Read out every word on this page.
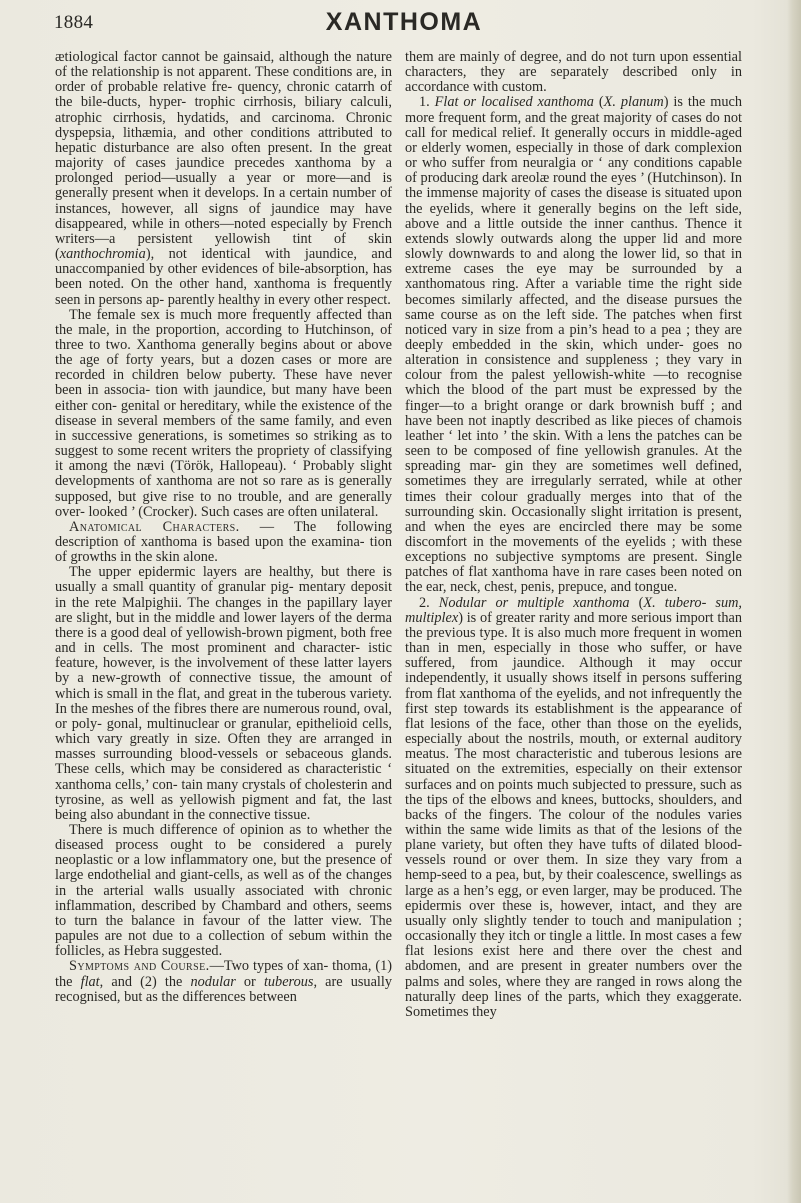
1884	XANTHOMA

ætiological factor cannot be gainsaid, although the nature of the relationship is not apparent. These conditions are, in order of probable relative fre- quency, chronic catarrh of the bile-ducts, hyper- trophic cirrhosis, biliary calculi, atrophic cirrhosis, hydatids, and carcinoma. Chronic dyspepsia, lithæmia, and other conditions attributed to hepatic disturbance are also often present. In the great majority of cases jaundice precedes xanthoma by a prolonged period—usually a year or more—and is generally present when it develops. In a certain number of instances, however, all signs of jaundice may have disappeared, while in others—noted especially by French writers—a persistent yellowish tint of skin (xanthochromia), not identical with jaundice, and unaccompanied by other evidences of bile-absorption, has been noted. On the other hand, xanthoma is frequently seen in persons ap- parently healthy in every other respect.

The female sex is much more frequently affected than the male, in the proportion, according to Hutchinson, of three to two. Xanthoma generally begins about or above the age of forty years, but a dozen cases or more are recorded in children below puberty. These have never been in associa- tion with jaundice, but many have been either con- genital or hereditary, while the existence of the disease in several members of the same family, and even in successive generations, is sometimes so striking as to suggest to some recent writers the propriety of classifying it among the nævi (Török, Hallopeau). ‘ Probably slight developments of xanthoma are not so rare as is generally supposed, but give rise to no trouble, and are generally over- looked ’ (Crocker). Such cases are often unilateral.

Anatomical Characters. — The following description of xanthoma is based upon the examina- tion of growths in the skin alone.

The upper epidermic layers are healthy, but there is usually a small quantity of granular pig- mentary deposit in the rete Malpighii. The changes in the papillary layer are slight, but in the middle and lower layers of the derma there is a good deal of yellowish-brown pigment, both free and in cells. The most prominent and character- istic feature, however, is the involvement of these latter layers by a new-growth of connective tissue, the amount of which is small in the flat, and great in the tuberous variety. In the meshes of the fibres there are numerous round, oval, or poly- gonal, multinuclear or granular, epithelioid cells, which vary greatly in size. Often they are arranged in masses surrounding blood-vessels or sebaceous glands. These cells, which may be considered as characteristic ‘ xanthoma cells,’ con- tain many crystals of cholesterin and tyrosine, as well as yellowish pigment and fat, the last being also abundant in the connective tissue.

There is much difference of opinion as to whether the diseased process ought to be considered a purely neoplastic or a low inflammatory one, but the presence of large endothelial and giant-cells, as well as of the changes in the arterial walls usually associated with chronic inflammation, described by Chambard and others, seems to turn the balance in favour of the latter view. The papules are not due to a collection of sebum within the follicles, as Hebra suggested.

Symptoms and Course.—Two types of xan- thoma, (1) the flat, and (2) the nodular or tuberous, are usually recognised, but as the differences between

them are mainly of degree, and do not turn upon essential characters, they are separately described only in accordance with custom.

1. Flat or localised xanthoma (X. planum) is the much more frequent form, and the great majority of cases do not call for medical relief. It generally occurs in middle-aged or elderly women, especially in those of dark complexion or who suffer from neuralgia or ‘ any conditions capable of producing dark areolæ round the eyes ’ (Hutchinson). In the immense majority of cases the disease is situated upon the eyelids, where it generally begins on the left side, above and a little outside the inner canthus. Thence it extends slowly outwards along the upper lid and more slowly downwards to and along the lower lid, so that in extreme cases the eye may be surrounded by a xanthomatous ring. After a variable time the right side becomes similarly affected, and the disease pursues the same course as on the left side. The patches when first noticed vary in size from a pin’s head to a pea ; they are deeply embedded in the skin, which under- goes no alteration in consistence and suppleness ; they vary in colour from the palest yellowish-white —to recognise which the blood of the part must be expressed by the finger—to a bright orange or dark brownish buff ; and have been not inaptly described as like pieces of chamois leather ‘ let into ’ the skin. With a lens the patches can be seen to be composed of fine yellowish granules. At the spreading mar- gin they are sometimes well defined, sometimes they are irregularly serrated, while at other times their colour gradually merges into that of the surrounding skin. Occasionally slight irritation is present, and when the eyes are encircled there may be some discomfort in the movements of the eyelids ; with these exceptions no subjective symptoms are present. Single patches of flat xanthoma have in rare cases been noted on the ear, neck, chest, penis, prepuce, and tongue.

2. Nodular or multiple xanthoma (X. tubero- sum, multiplex) is of greater rarity and more serious import than the previous type. It is also much more frequent in women than in men, especially in those who suffer, or have suffered, from jaundice. Although it may occur independently, it usually shows itself in persons suffering from flat xanthoma of the eyelids, and not infrequently the first step towards its establishment is the appearance of flat lesions of the face, other than those on the eyelids, especially about the nostrils, mouth, or external auditory meatus. The most characteristic and tuberous lesions are situated on the extremities, especially on their extensor surfaces and on points much subjected to pressure, such as the tips of the elbows and knees, buttocks, shoulders, and backs of the fingers. The colour of the nodules varies within the same wide limits as that of the lesions of the plane variety, but often they have tufts of dilated blood-vessels round or over them. In size they vary from a hemp-seed to a pea, but, by their coalescence, swellings as large as a hen’s egg, or even larger, may be produced. The epidermis over these is, however, intact, and they are usually only slightly tender to touch and manipulation ; occasionally they itch or tingle a little. In most cases a few flat lesions exist here and there over the chest and abdomen, and are present in greater numbers over the palms and soles, where they are ranged in rows along the naturally deep lines of the parts, which they exaggerate. Sometimes they
